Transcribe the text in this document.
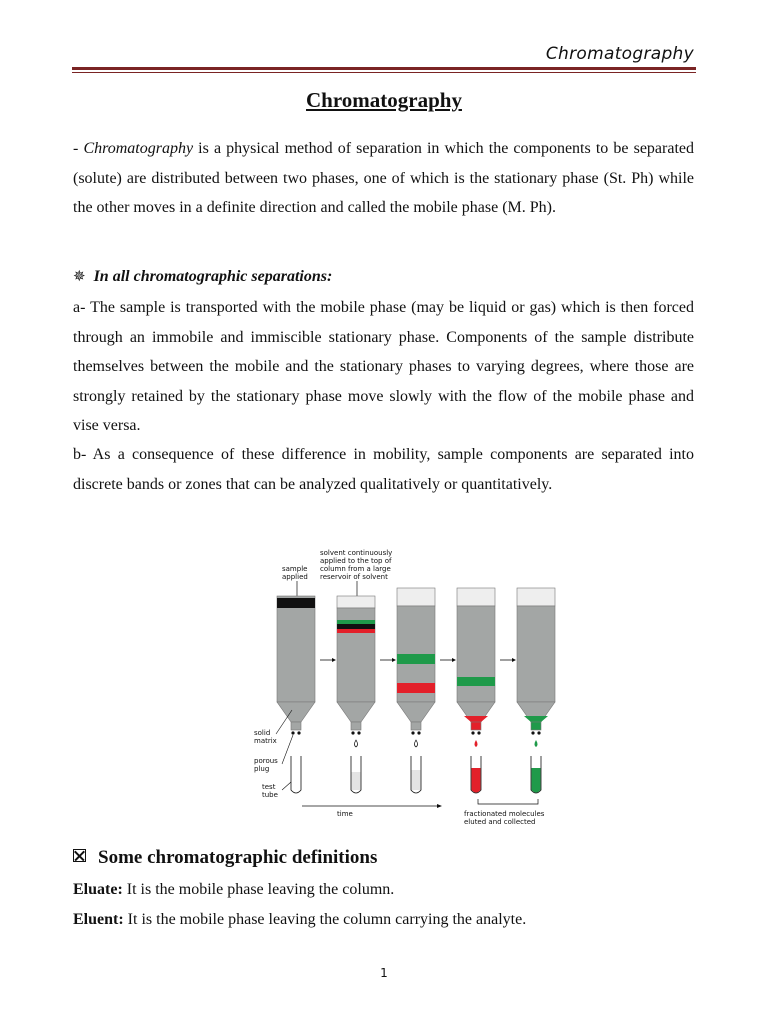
Chromatography
Chromatography
- Chromatography is a physical method of separation in which the components to be separated (solute) are distributed between two phases, one of which is the stationary phase (St. Ph) while the other moves in a definite direction and called the mobile phase (M. Ph).
✵ In all chromatographic separations:
a- The sample is transported with the mobile phase (may be liquid or gas) which is then forced through an immobile and immiscible stationary phase. Components of the sample distribute themselves between the mobile and the stationary phases to varying degrees, where those are strongly retained by the stationary phase move slowly with the flow of the mobile phase and vise versa.
b- As a consequence of these difference in mobility, sample components are separated into discrete bands or zones that can be analyzed qualitatively or quantitatively.
sample
applied
solvent continuously
applied to the top of
column from a large
reservoir of solvent
solid
matrix
porous
plug
test
tube
time	fractionated molecules
eluted and collected
Some chromatographic definitions
Eluate: It is the mobile phase leaving the column.
Eluent: It is the mobile phase leaving the column carrying the analyte.
1
